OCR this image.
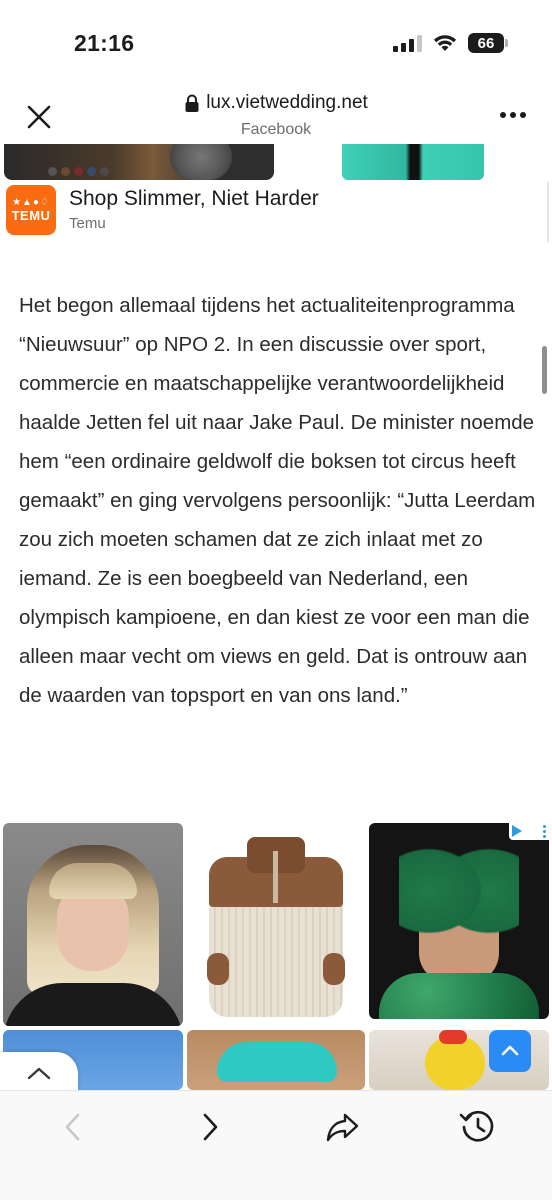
21:16	66
lux.vietwedding.net
Facebook
★▲●♢
TEMU
Shop Slimmer, Niet Harder
Temu
Het begon allemaal tijdens het actualiteitenprogramma “Nieuwsuur” op NPO 2. In een discussie over sport, commercie en maatschappelijke verantwoordelijkheid haalde Jetten fel uit naar Jake Paul. De minister noemde hem “een ordinaire geldwolf die boksen tot circus heeft gemaakt” en ging vervolgens persoonlijk: “Jutta Leerdam zou zich moeten schamen dat ze zich inlaat met zo iemand. Ze is een boegbeeld van Nederland, een olympisch kampioene, en dan kiest ze voor een man die alleen maar vecht om views en geld. Dat is ontrouw aan de waarden van topsport en van ons land.”
